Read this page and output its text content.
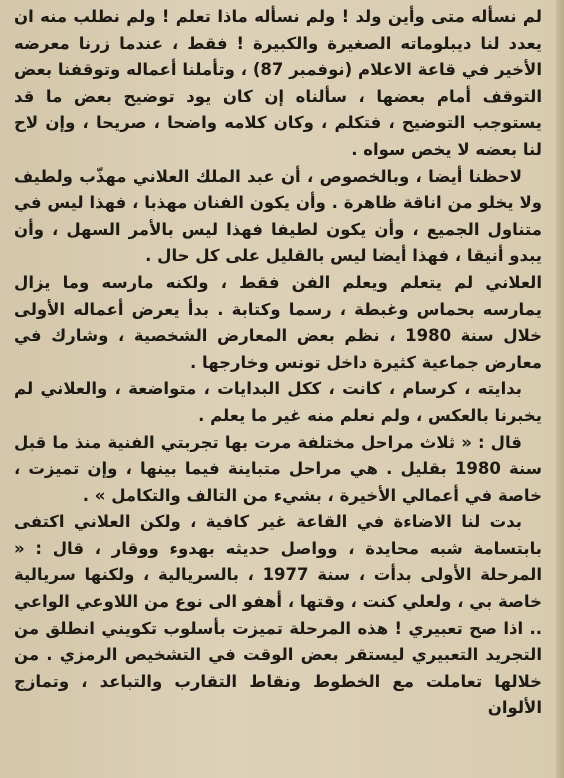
لم نسأله متى وأين ولد ! ولم نسأله ماذا تعلم ! ولم نطلب منه ان يعدد لنا ديبلوماته الصغيرة والكبيرة ! فقط ، عندما زرنا معرضه الأخير في قاعة الاعلام (نوفمبر 87) ، وتأملنا أعماله وتوقفنا بعض التوقف أمام بعضها ، سألناه إن كان يود توضيح بعض ما قد يستوجب التوضيح ، فتكلم ، وكان كلامه واضحا ، صريحا ، وإن لاح لنا بعضه لا يخص سواه .

لاحظنا أيضا ، وبالخصوص ، أن عبد الملك العلاني مهذّب ولطيف ولا يخلو من اناقة ظاهرة . وأن يكون الفنان مهذبا ، فهذا ليس في متناول الجميع ، وأن يكون لطيفا فهذا ليس بالأمر السهل ، وأن يبدو أنيقا ، فهذا أيضا ليس بالقليل على كل حال .

العلاني لم يتعلم ويعلم الفن فقط ، ولكنه مارسه وما يزال يمارسه بحماس وغبطة ، رسما وكتابة . بدأ يعرض أعماله الأولى خلال سنة 1980 ، نظم بعض المعارض الشخصية ، وشارك في معارض جماعية كثيرة داخل تونس وخارجها .

بدايته ، كرسام ، كانت ، ككل البدايات ، متواضعة ، والعلاني لم يخبرنا بالعكس ، ولم نعلم منه غير ما يعلم .

قال : « ثلاث مراحل مختلفة مرت بها تجربتي الفنية منذ ما قبل سنة 1980 بقليل . هي مراحل متباينة فيما بينها ، وإن تميزت ، خاصة في أعمالي الأخيرة ، بشيء من التالف والتكامل » .

بدت لنا الاضاءة في القاعة غير كافية ، ولكن العلاني اكتفى بابتسامة شبه محايدة ، وواصل حديثه بهدوء ووقار ، قال : « المرحلة الأولى بدأت ، سنة 1977 ، بالسريالية ، ولكنها سريالية خاصة بي ، ولعلي كنت ، وقتها ، أهفو الى نوع من اللاوعي الواعي .. اذا صح تعبيري ! هذه المرحلة تميزت بأسلوب تكويني انطلق من التجريد التعبيري ليستقر بعض الوقت في التشخيص الرمزي . من خلالها تعاملت مع الخطوط ونقاط التقارب والتباعد ، وتمازج الألوان
